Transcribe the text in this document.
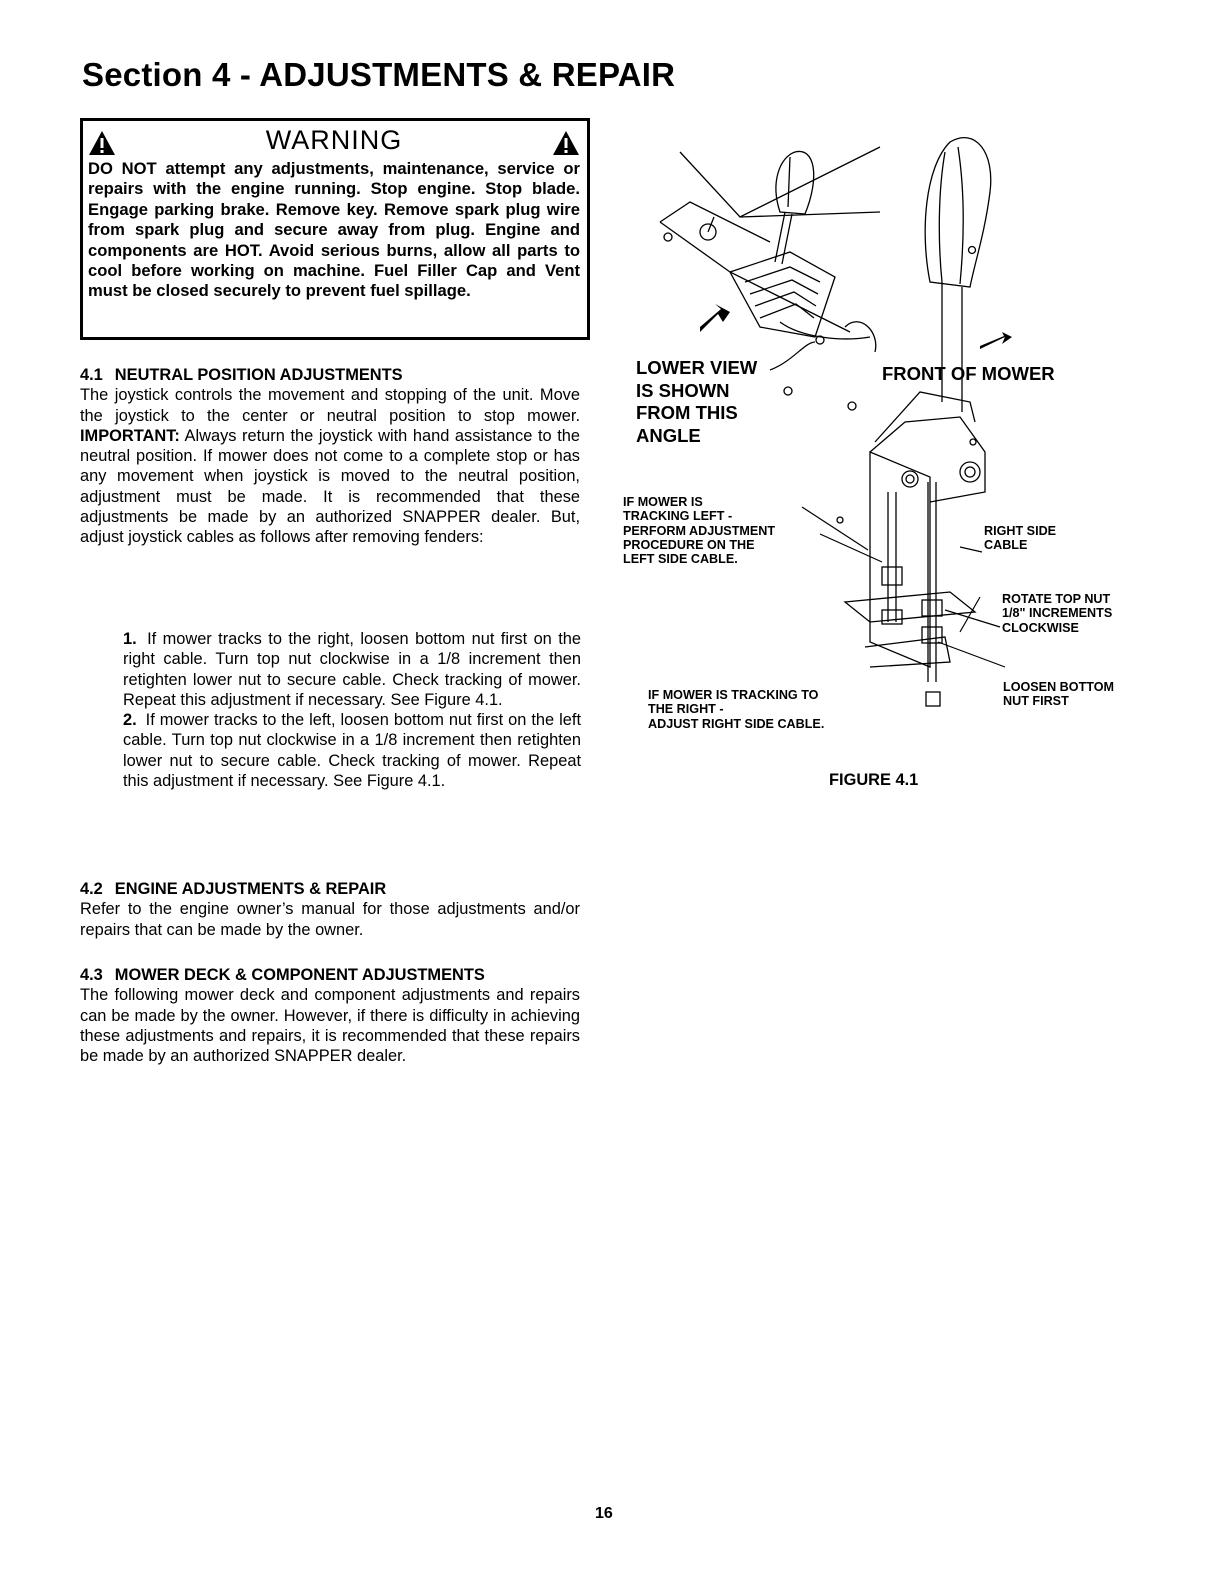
Section 4 - ADJUSTMENTS & REPAIR
WARNING

DO NOT attempt any adjustments, maintenance, service or repairs with the engine running. Stop engine. Stop blade. Engage parking brake. Remove key. Remove spark plug wire from spark plug and secure away from plug. Engine and components are HOT. Avoid serious burns, allow all parts to cool before working on machine. Fuel Filler Cap and Vent must be closed securely to prevent fuel spillage.

4.1 NEUTRAL POSITION ADJUSTMENTS

The joystick controls the movement and stopping of the unit. Move the joystick to the center or neutral position to stop mower. IMPORTANT: Always return the joystick with hand assistance to the neutral position. If mower does not come to a complete stop or has any movement when joystick is moved to the neutral position, adjustment must be made. It is recommended that these adjustments be made by an authorized SNAPPER dealer. But, adjust joystick cables as follows after removing fenders:

1. If mower tracks to the right, loosen bottom nut first on the right cable. Turn top nut clockwise in a 1/8 increment then retighten lower nut to secure cable. Check tracking of mower. Repeat this adjustment if necessary. See Figure 4.1.
2. If mower tracks to the left, loosen bottom nut first on the left cable. Turn top nut clockwise in a 1/8 increment then retighten lower nut to secure cable. Check tracking of mower. Repeat this adjustment if necessary. See Figure 4.1.

4.2 ENGINE ADJUSTMENTS & REPAIR

Refer to the engine owner’s manual for those adjustments and/or repairs that can be made by the owner.

4.3 MOWER DECK & COMPONENT ADJUSTMENTS

The following mower deck and component adjustments and repairs can be made by the owner. However, if there is difficulty in achieving these adjustments and repairs, it is recommended that these repairs be made by an authorized SNAPPER dealer.

LOWER VIEW
IS SHOWN
FROM THIS
ANGLE
FRONT OF MOWER
IF MOWER IS
TRACKING LEFT -
PERFORM ADJUSTMENT
PROCEDURE ON THE
LEFT SIDE CABLE.
RIGHT SIDE
CABLE
ROTATE TOP NUT
1/8" INCREMENTS
CLOCKWISE
LOOSEN BOTTOM
NUT FIRST
IF MOWER IS TRACKING TO
THE RIGHT -
ADJUST RIGHT SIDE CABLE.
FIGURE 4.1
16
